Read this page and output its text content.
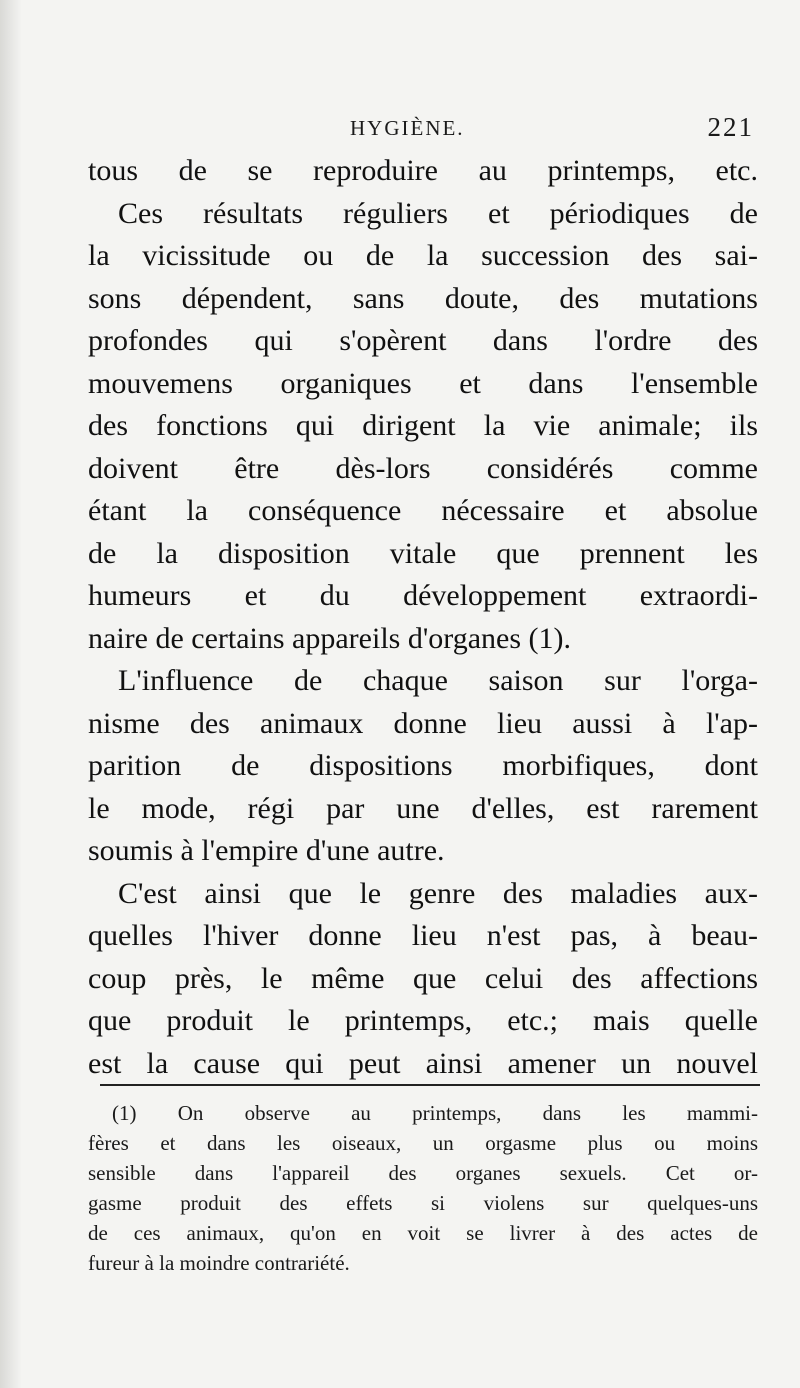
HYGIÈNE.	221
tous de se reproduire au printemps, etc.
Ces résultats réguliers et périodiques de
la vicissitude ou de la succession des sai-
sons dépendent, sans doute, des mutations
profondes qui s'opèrent dans l'ordre des
mouvemens organiques et dans l'ensemble
des fonctions qui dirigent la vie animale; ils
doivent être dès-lors considérés comme
étant la conséquence nécessaire et absolue
de la disposition vitale que prennent les
humeurs et du développement extraordi-
naire de certains appareils d'organes (1).
L'influence de chaque saison sur l'orga-
nisme des animaux donne lieu aussi à l'ap-
parition de dispositions morbifiques, dont
le mode, régi par une d'elles, est rarement
soumis à l'empire d'une autre.
C'est ainsi que le genre des maladies aux-
quelles l'hiver donne lieu n'est pas, à beau-
coup près, le même que celui des affections
que produit le printemps, etc.; mais quelle
est la cause qui peut ainsi amener un nouvel
(1) On observe au printemps, dans les mammi-
fères et dans les oiseaux, un orgasme plus ou moins
sensible dans l'appareil des organes sexuels. Cet or-
gasme produit des effets si violens sur quelques-uns
de ces animaux, qu'on en voit se livrer à des actes de
fureur à la moindre contrariété.
